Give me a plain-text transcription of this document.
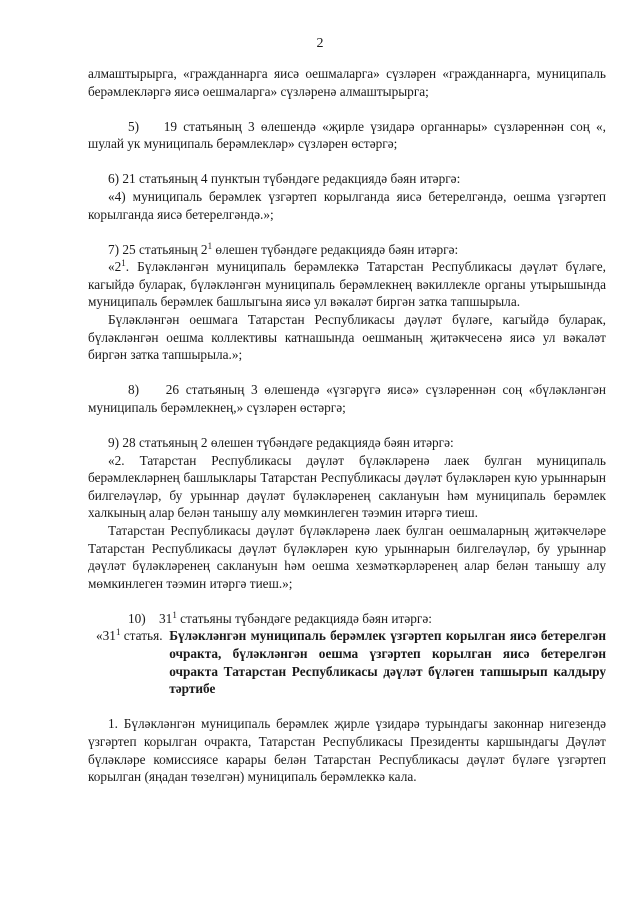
2

алмаштырырга, «гражданнарга яисә оешмаларга» сүзләрен «гражданнарга, муниципаль берәмлекләргә яисә оешмаларга» сүзләренә алмаштырырга;

5) 19 статьяның 3 өлешендә «җирле үзидарә органнары» сүзләреннән соң «, шулай ук муниципаль берәмлекләр» сүзләрен өстәргә;

6) 21 статьяның 4 пунктын түбәндәге редакциядә бәян итәргә:

«4) муниципаль берәмлек үзгәртеп корылганда яисә бетерелгәндә, оешма үзгәртеп корылганда яисә бетерелгәндә.»;

7) 25 статьяның $2^1$ өлешен түбәндәге редакциядә бәян итәргә:

«$2^1$. Бүләкләнгән муниципаль берәмлеккә Татарстан Республикасы дәүләт бүләге, кагыйдә буларак, бүләкләнгән муниципаль берәмлекнең вәкиллекле органы утырышында муниципаль берәмлек башлыгына яисә ул вәкаләт биргән затка тапшырыла.

Бүләкләнгән оешмага Татарстан Республикасы дәүләт бүләге, кагыйдә буларак, бүләкләнгән оешма коллективы катнашында оешманың җитәкчесенә яисә ул вәкаләт биргән затка тапшырыла.»;

8) 26 статьяның 3 өлешендә «үзгәрүгә яисә» сүзләреннән соң «бүләкләнгән муниципаль берәмлекнең,» сүзләрен өстәргә;

9) 28 статьяның 2 өлешен түбәндәге редакциядә бәян итәргә:

«2. Татарстан Республикасы дәүләт бүләкләренә лаек булган муниципаль берәмлекләрнең башлыклары Татарстан Республикасы дәүләт бүләкләрен кую урыннарын билгеләүләр, бу урыннар дәүләт бүләкләренең саклануын һәм муниципаль берәмлек халкының алар белән танышу алу мөмкинлеген тәэмин итәргә тиеш.

Татарстан Республикасы дәүләт бүләкләренә лаек булган оешмаларның җитәкчеләре Татарстан Республикасы дәүләт бүләкләрен кую урыннарын билгеләүләр, бу урыннар дәүләт бүләкләренең саклануын һәм оешма хезмәткәрләренең алар белән танышу алу мөмкинлеген тәэмин итәргә тиеш.»;

10) $31^1$ статьяны түбәндәге редакциядә бәян итәргә:

«$31^1$ статья. Бүләкләнгән муниципаль берәмлек үзгәртеп корылган яисә бетерелгән очракта, бүләкләнгән оешма үзгәртеп корылган яисә бетерелгән очракта Татарстан Республикасы дәүләт бүләген тапшырып калдыру тәртибе

1. Бүләкләнгән муниципаль берәмлек җирле үзидарә турындагы законнар нигезендә үзгәртеп корылган очракта, Татарстан Республикасы Президенты каршындагы Дәүләт бүләкләре комиссиясе карары белән Татарстан Республикасы дәүләт бүләге үзгәртеп корылган (яңадан төзелгән) муниципаль берәмлеккә кала.
